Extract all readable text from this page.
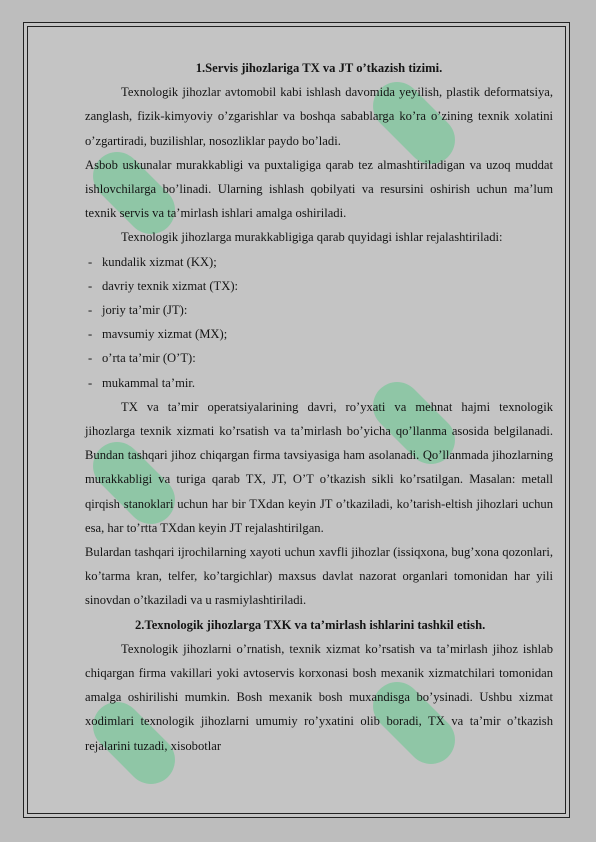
1.Servis jihozlariga TX va JT o’tkazish tizimi.

Texnologik jihozlar avtomobil kabi ishlash davomida yeyilish, plastik deformatsiya, zanglash, fizik-kimyoviy o’zgarishlar va boshqa sabablarga ko’ra o’zining texnik xolatini o’zgartiradi, buzilishlar, nosozliklar paydo bo’ladi.

Asbob uskunalar murakkabligi va puxtaligiga qarab tez almashtiriladigan va uzoq muddat ishlovchilarga bo’linadi. Ularning ishlash qobilyati va resursini oshirish uchun ma’lum texnik servis va ta’mirlash ishlari amalga oshiriladi.

Texnologik jihozlarga murakkabligiga qarab quyidagi ishlar rejalashtiriladi:

- kundalik xizmat (KX);
- davriy texnik xizmat (TX):
- joriy ta’mir (JT):
- mavsumiy xizmat (MX);
- o’rta ta’mir (O’T):
- mukammal ta’mir.

TX va ta’mir operatsiyalarining davri, ro’yxati va mehnat hajmi texnologik jihozlarga texnik xizmati ko’rsatish va ta’mirlash bo’yicha qo’llanma asosida belgilanadi. Bundan tashqari jihoz chiqargan firma tavsiyasiga ham asolanadi. Qo’llanmada jihozlarning murakkabligi va turiga qarab TX, JT, O’T o’tkazish sikli ko’rsatilgan. Masalan: metall qirqish stanoklari uchun har bir TXdan keyin JT o’tkaziladi, ko’tarish-eltish jihozlari uchun esa, har to’rtta TXdan keyin JT rejalashtirilgan.

Bulardan tashqari ijrochilarning xayoti uchun xavfli jihozlar (issiqxona, bug’xona qozonlari, ko’tarma kran, telfer, ko’targichlar) maxsus davlat nazorat organlari tomonidan har yili sinovdan o’tkaziladi va u rasmiylashtiriladi.

2.Texnologik jihozlarga TXK va ta’mirlash ishlarini tashkil etish.

Texnologik jihozlarni o’rnatish, texnik xizmat ko’rsatish va ta’mirlash jihoz ishlab chiqargan firma vakillari yoki avtoservis korxonasi bosh mexanik xizmatchilari tomonidan amalga oshirilishi mumkin. Bosh mexanik bosh muxandisga bo’ysinadi. Ushbu xizmat xodimlari texnologik jihozlarni umumiy ro’yxatini olib boradi, TX va ta’mir o’tkazish rejalarini tuzadi, xisobotlar
